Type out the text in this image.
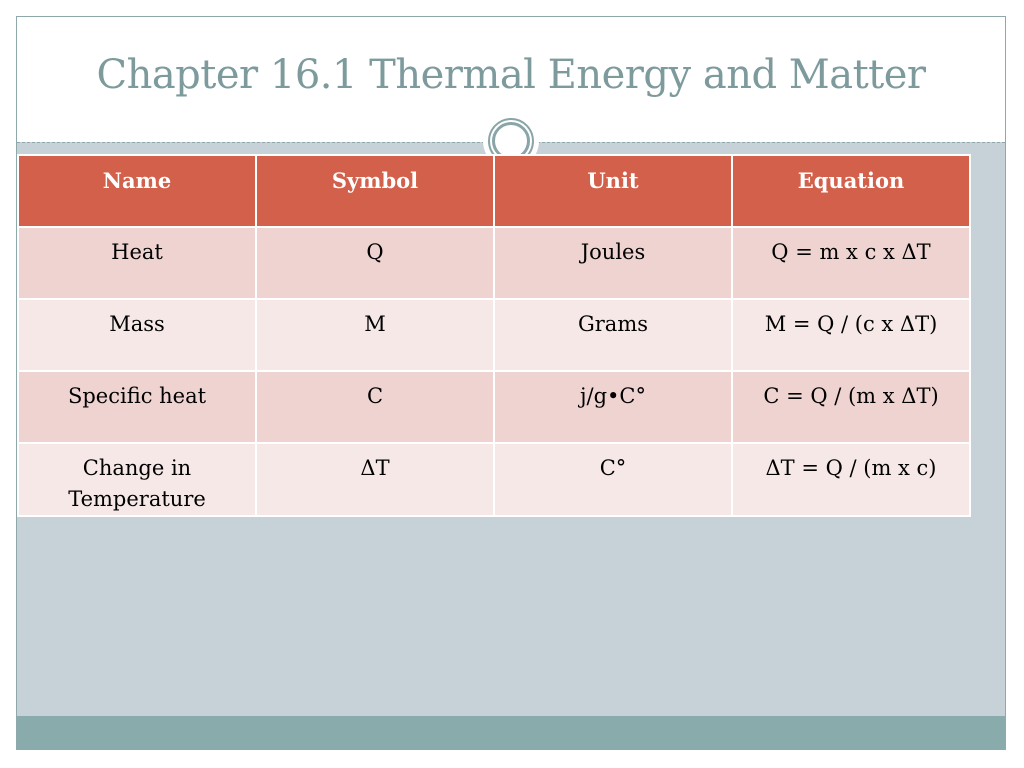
Chapter 16.1 Thermal Energy and Matter
Name	Symbol	Unit	Equation
Heat	Q	Joules	Q = m x c x ΔT
Mass	M	Grams	M = Q / (c x ΔT)
Specific heat	C	j/g•C°	C = Q / (m x ΔT)
Change in Temperature	ΔT	C°	ΔT = Q / (m x c)
